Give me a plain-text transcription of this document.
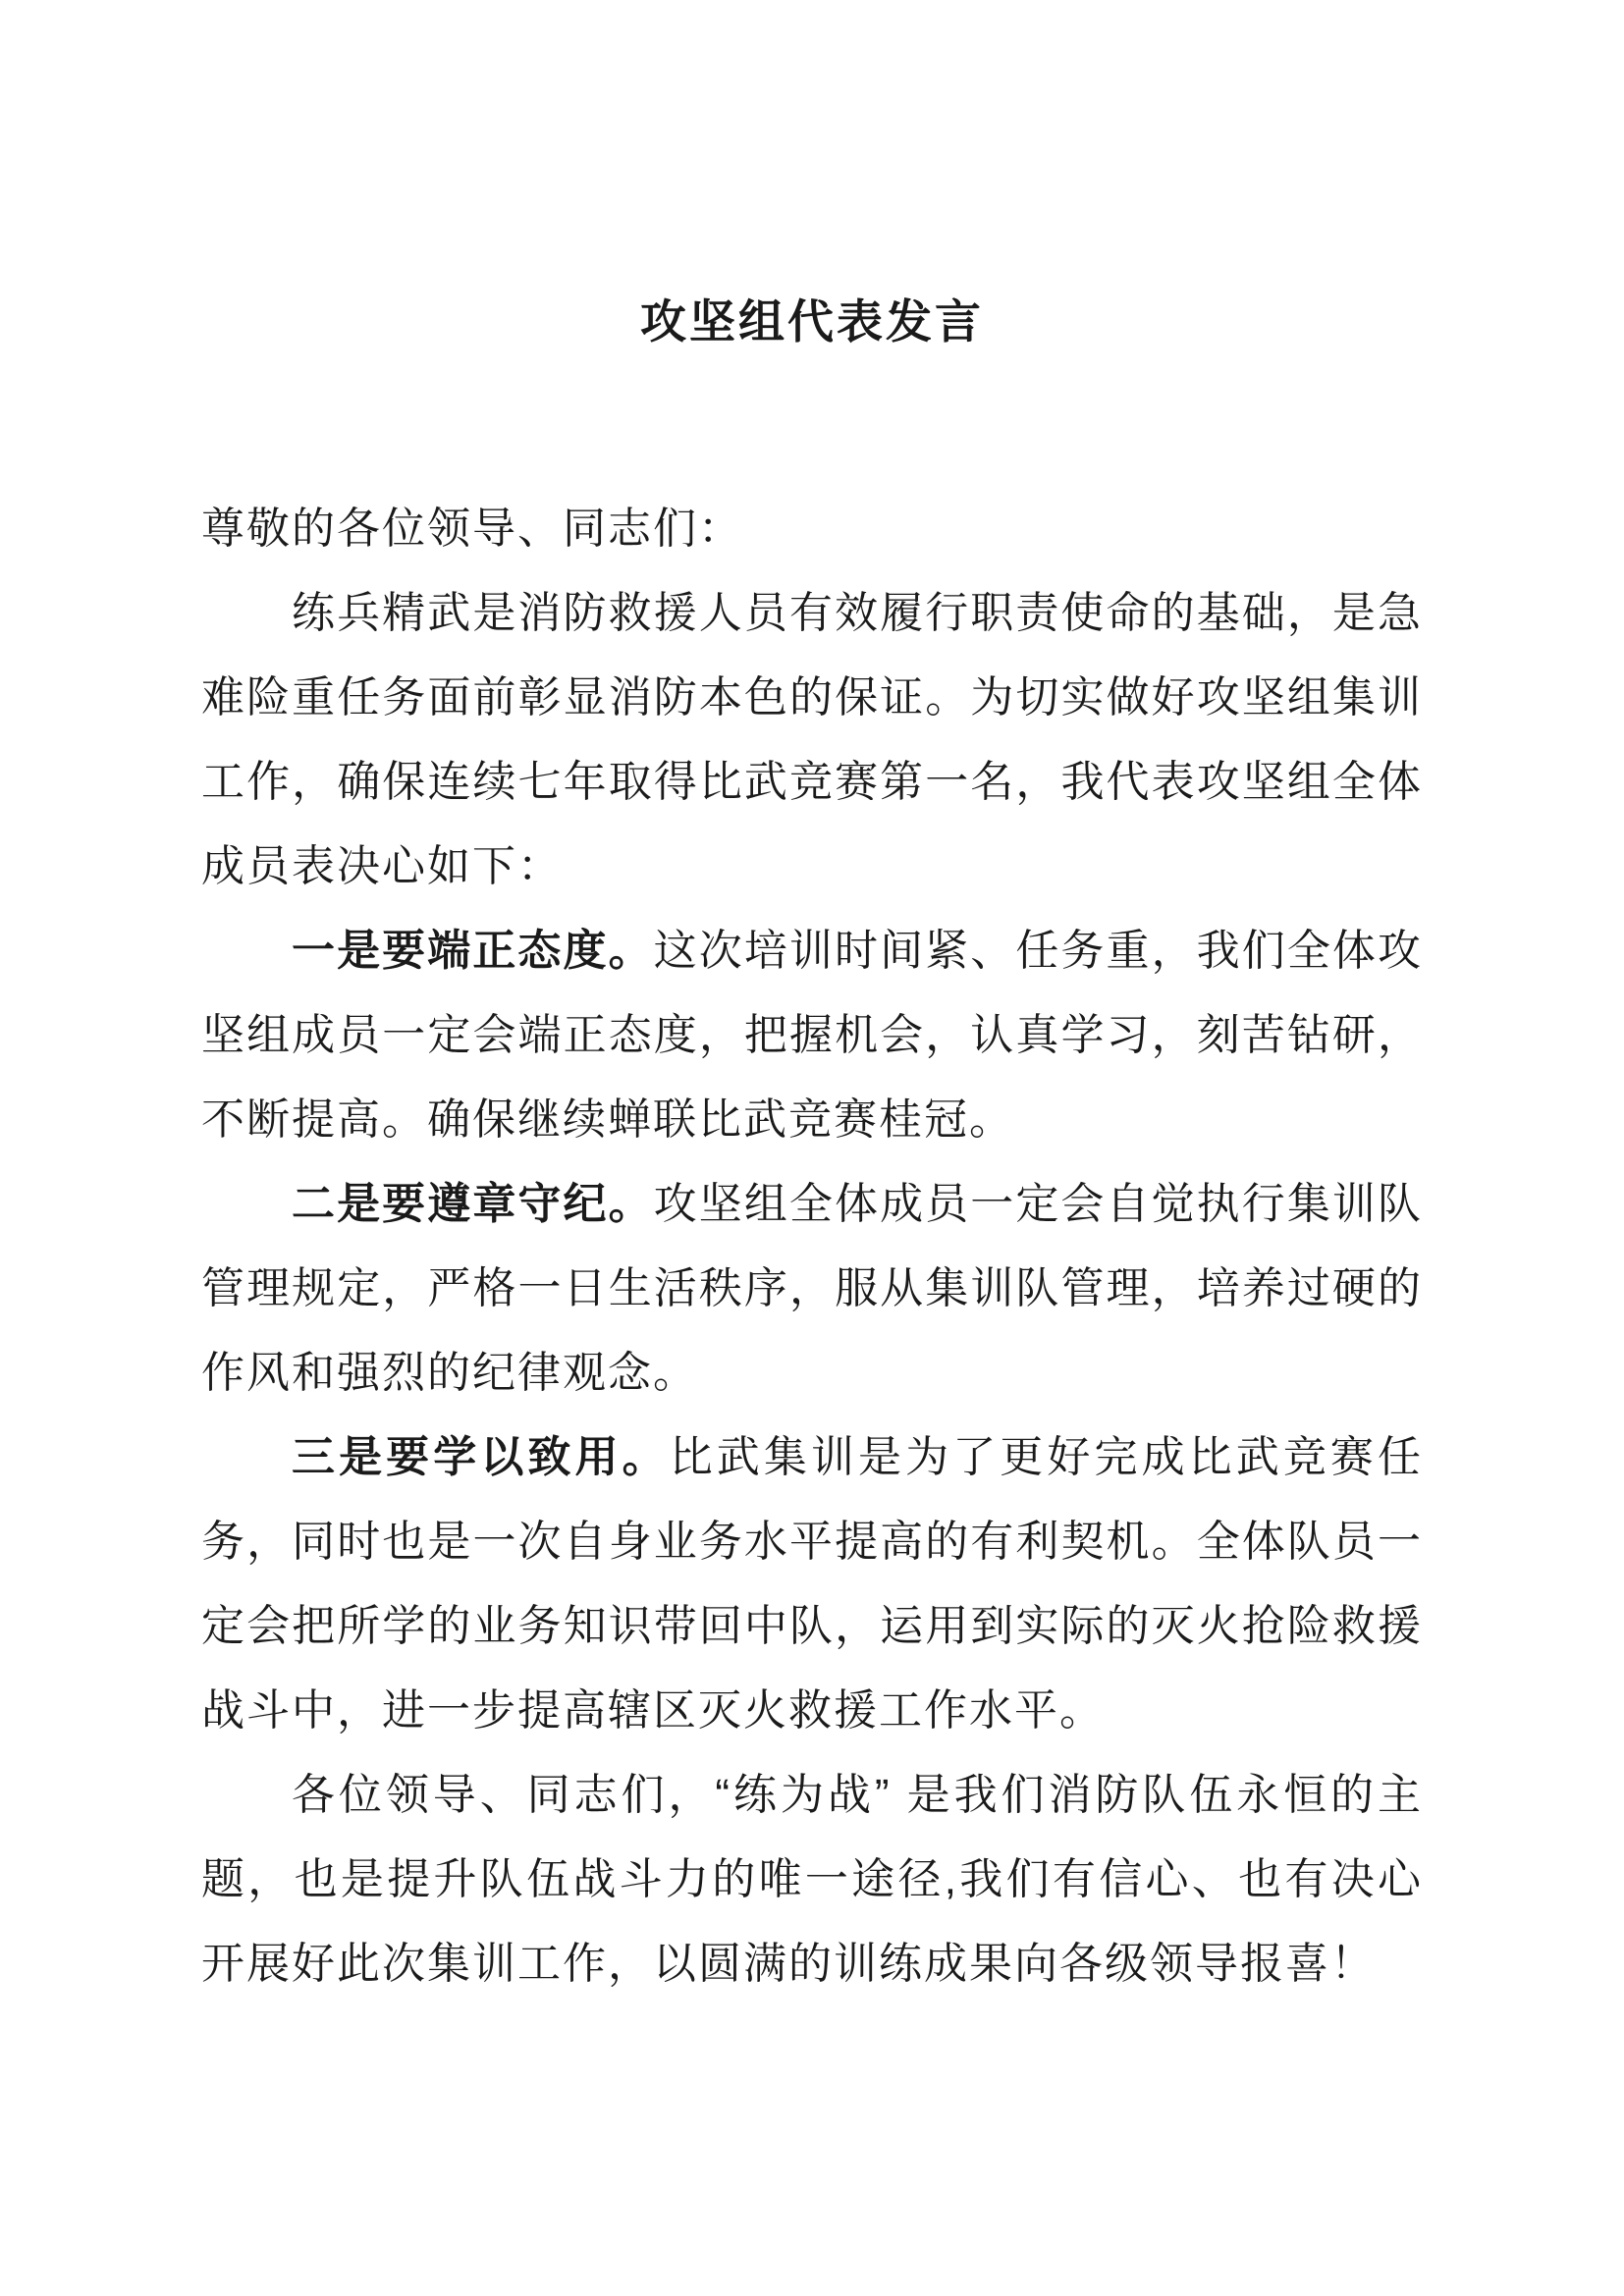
攻坚组代表发言

尊敬的各位领导、同志们：

练兵精武是消防救援人员有效履行职责使命的基础，是急难险重任务面前彰显消防本色的保证。为切实做好攻坚组集训工作，确保连续七年取得比武竞赛第一名，我代表攻坚组全体成员表决心如下：

一是要端正态度。这次培训时间紧、任务重，我们全体攻坚组成员一定会端正态度，把握机会，认真学习，刻苦钻研，不断提高。确保继续蝉联比武竞赛桂冠。

二是要遵章守纪。攻坚组全体成员一定会自觉执行集训队管理规定，严格一日生活秩序，服从集训队管理，培养过硬的作风和强烈的纪律观念。

三是要学以致用。比武集训是为了更好完成比武竞赛任务，同时也是一次自身业务水平提高的有利契机。全体队员一定会把所学的业务知识带回中队，运用到实际的灭火抢险救援战斗中，进一步提高辖区灭火救援工作水平。

各位领导、同志们，“练为战” 是我们消防队伍永恒的主题，也是提升队伍战斗力的唯一途径,我们有信心、也有决心开展好此次集训工作，以圆满的训练成果向各级领导报喜！
